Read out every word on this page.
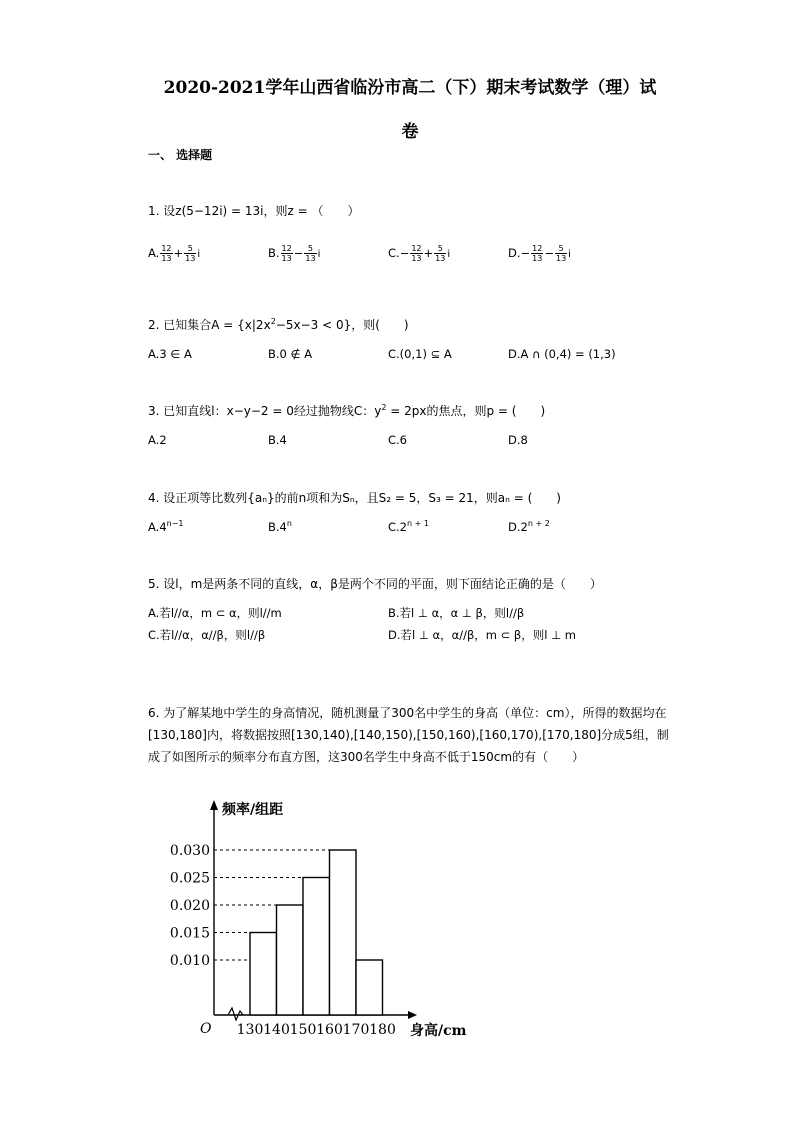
2020-2021学年山西省临汾市高二（下）期末考试数学（理）试
卷
一、 选择题
1. 设z(5−12i) = 13i，则z = （　　）
A. $\frac{12}{13} + \frac{5}{13}$ i	B. $\frac{12}{13} - \frac{5}{13}$ i	$C.- \frac{12}{13} + \frac{5}{13}$ i	$D.- \frac{12}{13} - \frac{5}{13}$ i
2. 已知集合$A = \{x|2x^2-5x-3 < 0\}$，则(　　)
A.3 ∈ A	B.0 ∉ A	C.(0,1) ⊆ A	D.A ∩ (0,4) = (1,3)
3. 已知直线l：x−y−2 = 0经过抛物线C：$y^2 = 2px$的焦点，则p = (　　)
A.2	B.4	C.6	D.8
4. 设正项等比数列{aₙ}的前n项和为Sₙ，且S₂ = 5，S₃ = 21，则aₙ = (　　)
$A.4^{n-1}$	B.4$^n$	$C.2^{n + 1}$	$D.2^{n + 2}$
5. 设l，m是两条不同的直线，α，β是两个不同的平面，则下面结论正确的是（　　）
A.若l//α，m ⊂ α，则l//m	B.若l ⊥ α，α ⊥ β，则l//β
C.若l//α，α//β，则l//β	D.若l ⊥ α，α//β，m ⊂ β，则l ⊥ m
6. 为了解某地中学生的身高情况，随机测量了300名中学生的身高（单位：cm），所得的数据均在[130,180]内，将数据按照[130,140),[140,150),[150,160),[160,170),[170,180]分成5组，制成了如图所示的频率分布直方图，这300名学生中身高不低于150cm的有（　　）
频率/组距
身高/cm
O
0.030
0.025
0.020
0.015
0.010
130 140 150 160 170 180
